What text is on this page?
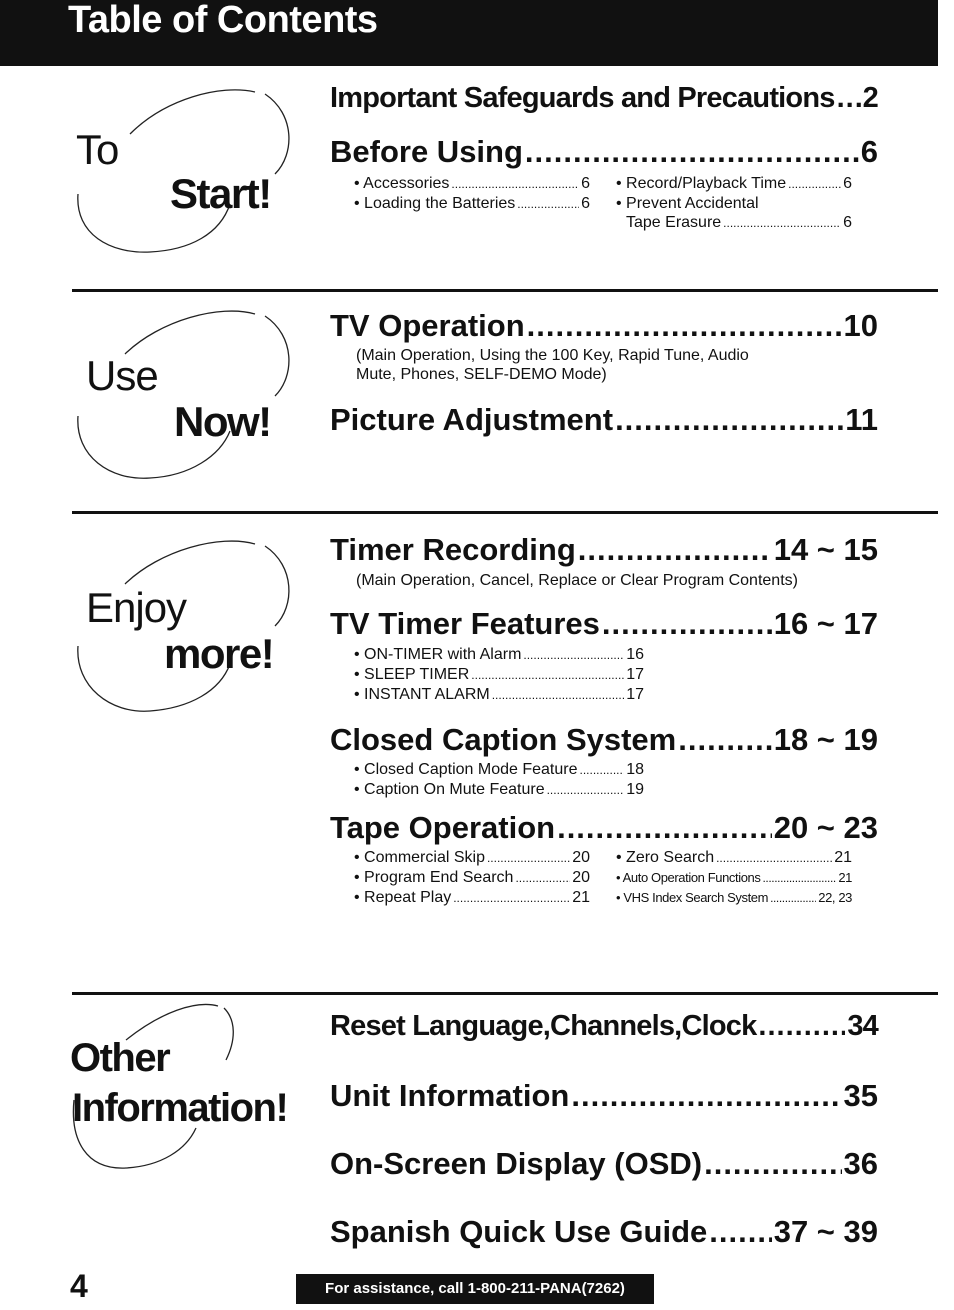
Table of Contents
To
Start!
Use
Now!
Enjoy
more!
Other
Information!
Important Safeguards and Precautions ..... 2
Before Using .....	6
• Accessories .....	6
• Loading the Batteries .....	6
• Record/Playback Time .....	6
• Prevent Accidental
Tape Erasure .....	6
TV Operation .....	10
(Main Operation, Using the 100 Key, Rapid Tune, Audio
Mute, Phones, SELF-DEMO Mode)
Picture Adjustment .....	11
Timer Recording .....	14 ~ 15
(Main Operation, Cancel, Replace or Clear Program Contents)
TV Timer Features .....	16 ~ 17
• ON-TIMER with Alarm .....	16
• SLEEP TIMER .....	17
• INSTANT ALARM .....	17
Closed Caption System .....	18 ~ 19
• Closed Caption Mode Feature .....	18
• Caption On Mute Feature .....	19
Tape Operation .....	20 ~ 23
• Commercial Skip .....	20
• Program End Search .....	20
• Repeat Play .....	21
• Zero Search .....	21
• Auto Operation Functions .....	21
• VHS Index Search System .....	22, 23
Reset Language,Channels,Clock .....	34
Unit Information .....	35
On-Screen Display (OSD) .....	36
Spanish Quick Use Guide ..... 37 ~ 39
4	For assistance, call 1-800-211-PANA(7262)
